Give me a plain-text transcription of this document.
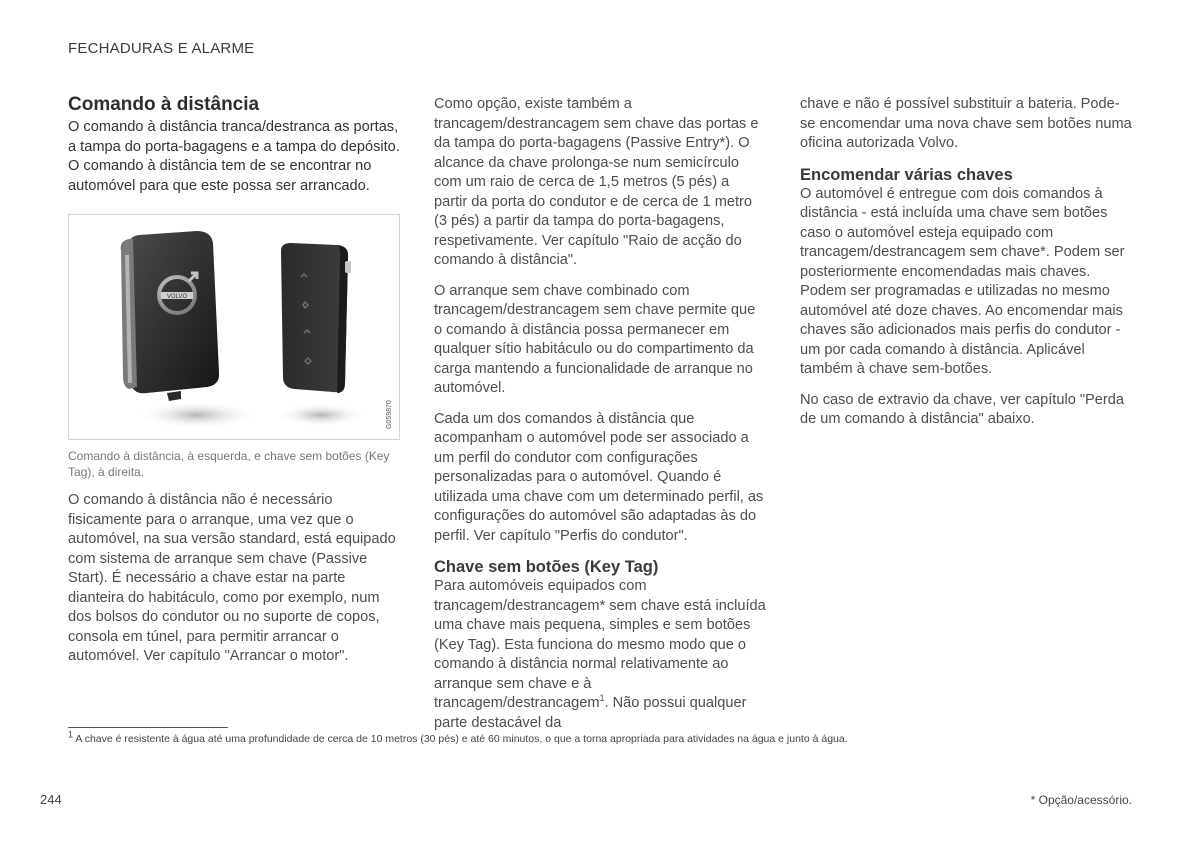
FECHADURAS E ALARME
Comando à distância

O comando à distância tranca/destranca as portas, a tampa do porta-bagagens e a tampa do depósito. O comando à distância tem de se encontrar no automóvel para que este possa ser arrancado.

VOLVO
G059870

Comando à distância, à esquerda, e chave sem botões (Key Tag), à direita.

O comando à distância não é necessário fisicamente para o arranque, uma vez que o automóvel, na sua versão standard, está equipado com sistema de arranque sem chave (Passive Start). É necessário a chave estar na parte dianteira do habitáculo, como por exemplo, num dos bolsos do condutor ou no suporte de copos, consola em túnel, para permitir arrancar o automóvel. Ver capítulo "Arrancar o motor".

Como opção, existe também a trancagem/destrancagem sem chave das portas e da tampa do porta-bagagens (Passive Entry*). O alcance da chave prolonga-se num semicírculo com um raio de cerca de 1,5 metros (5 pés) a partir da porta do condutor e de cerca de 1 metro (3 pés) a partir da tampa do porta-bagagens, respetivamente. Ver capítulo "Raio de acção do comando à distância".

O arranque sem chave combinado com trancagem/destrancagem sem chave permite que o comando à distância possa permanecer em qualquer sítio habitáculo ou do compartimento da carga mantendo a funcionalidade de arranque no automóvel.

Cada um dos comandos à distância que acompanham o automóvel pode ser associado a um perfil do condutor com configurações personalizadas para o automóvel. Quando é utilizada uma chave com um determinado perfil, as configurações do automóvel são adaptadas às do perfil. Ver capítulo "Perfis do condutor".

Chave sem botões (Key Tag)

Para automóveis equipados com trancagem/destrancagem* sem chave está incluída uma chave mais pequena, simples e sem botões (Key Tag). Esta funciona do mesmo modo que o comando à distância normal relativamente ao arranque sem chave e à trancagem/destrancagem$^1$. Não possui qualquer parte destacável da

chave e não é possível substituir a bateria. Pode-se encomendar uma nova chave sem botões numa oficina autorizada Volvo.

Encomendar várias chaves

O automóvel é entregue com dois comandos à distância - está incluída uma chave sem botões caso o automóvel esteja equipado com trancagem/destrancagem sem chave*. Podem ser posteriormente encomendadas mais chaves. Podem ser programadas e utilizadas no mesmo automóvel até doze chaves. Ao encomendar mais chaves são adicionados mais perfis do condutor - um por cada comando à distância. Aplicável também à chave sem-botões.

No caso de extravio da chave, ver capítulo "Perda de um comando à distância" abaixo.

$^1$ A chave é resistente à água até uma profundidade de cerca de 10 metros (30 pés) e até 60 minutos, o que a torna apropriada para atividades na água e junto à água.
244	* Opção/acessório.
